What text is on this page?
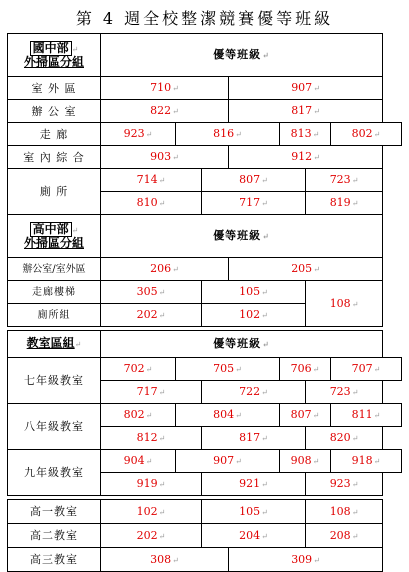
第 4 週全校整潔競賽優等班級
國中部 ↵
外掃區分組	優等班級↵						
室 外 區	710↵			907↵			
辦 公 室	822↵			817↵			
走 廊	923↵	816↵			813↵		802↵
室 內 綜 合	903↵			912↵			
廁 所	714↵		807↵			723↵	
	810↵		717↵			819↵	
高中部 ↵
外掃區分組	優等班級↵						
辦公室/室外區	206↵			205↵			
走廊樓梯	305↵		105↵			108↵	
廁所組	202↵		102↵				

教室區組↵	優等班級↵						
七年級教室	702↵	705↵			706↵		707↵
	717↵		722↵			723↵	
八年級教室	802↵	804↵			807↵		811↵
	812↵		817↵			820↵	
九年級教室	904↵	907↵			908↵		918↵
	919↵		921↵			923↵	

高一教室	102↵		105↵			108↵	
高二教室	202↵		204↵			208↵	
高三教室	308↵			309↵			
